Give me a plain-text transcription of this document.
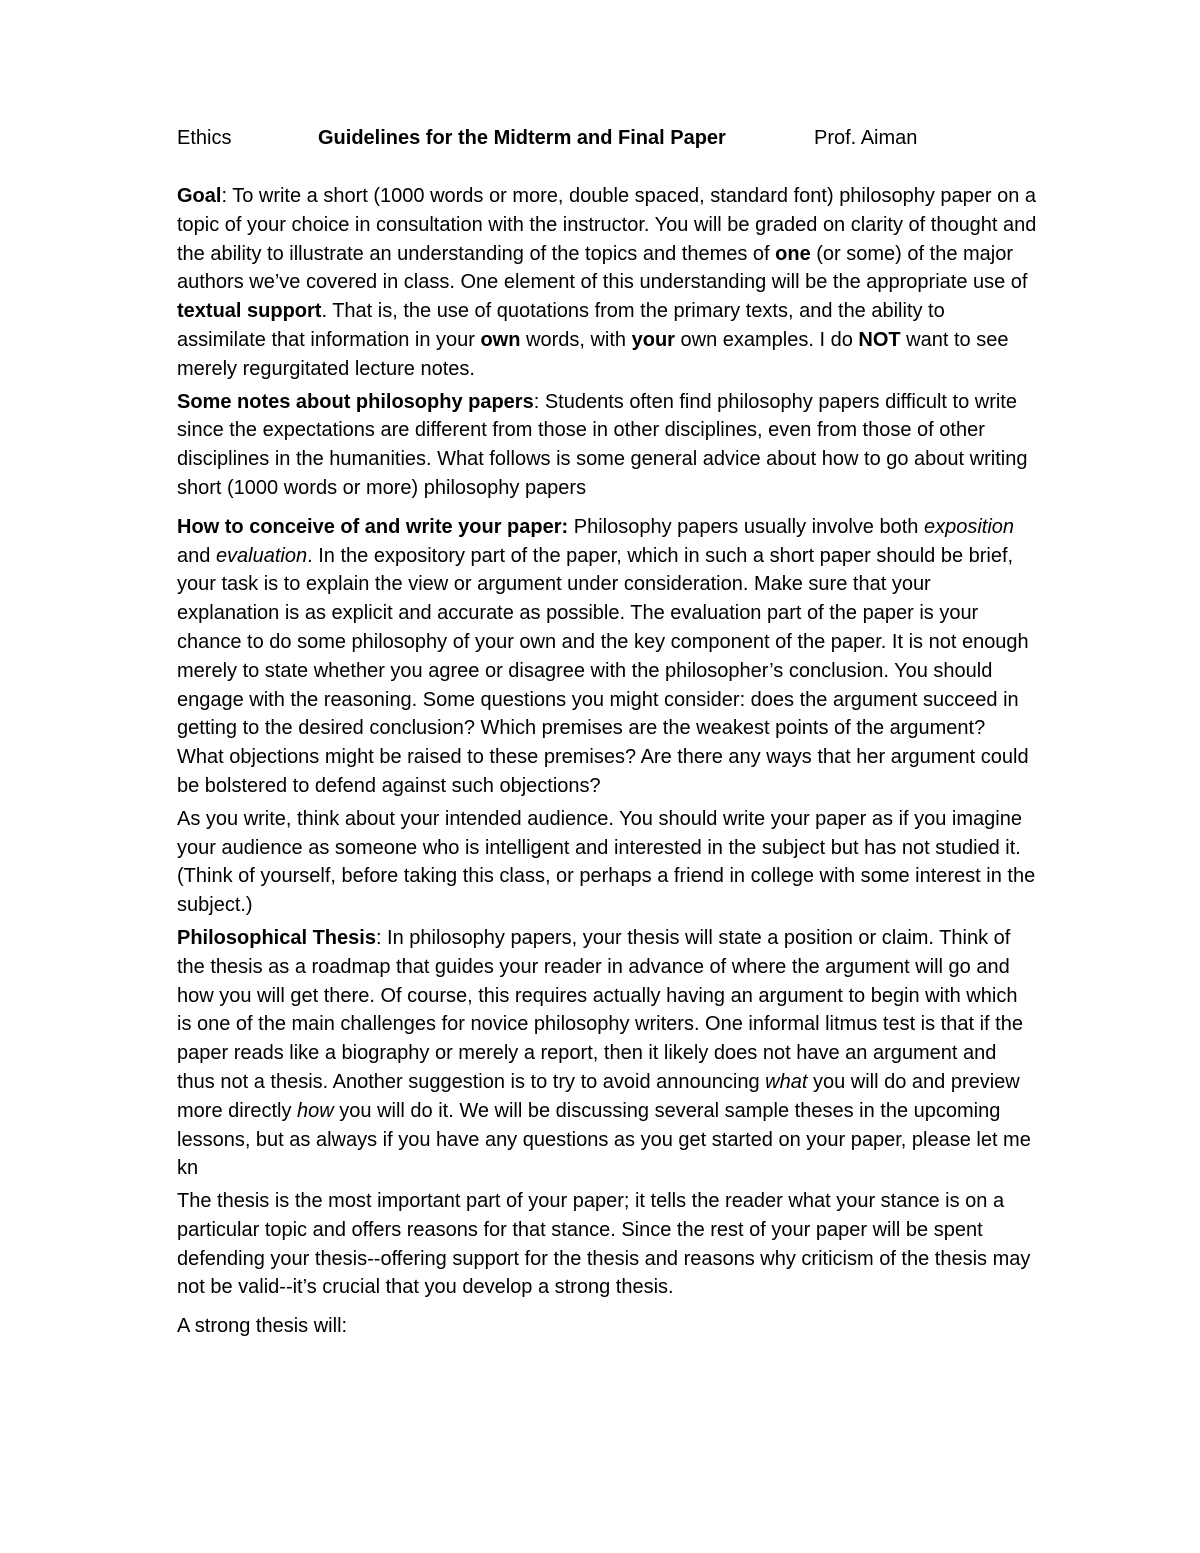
Ethics	Guidelines for the Midterm and Final Paper	Prof. Aiman

Goal: To write a short (1000 words or more, double spaced, standard font) philosophy paper on a topic of your choice in consultation with the instructor. You will be graded on clarity of thought and the ability to illustrate an understanding of the topics and themes of one (or some) of the major authors we’ve covered in class. One element of this understanding will be the appropriate use of textual support. That is, the use of quotations from the primary texts, and the ability to assimilate that information in your own words, with your own examples. I do NOT want to see merely regurgitated lecture notes.

Some notes about philosophy papers: Students often find philosophy papers difficult to write since the expectations are different from those in other disciplines, even from those of other disciplines in the humanities. What follows is some general advice about how to go about writing short (1000 words or more) philosophy papers

How to conceive of and write your paper: Philosophy papers usually involve both exposition and evaluation. In the expository part of the paper, which in such a short paper should be brief, your task is to explain the view or argument under consideration. Make sure that your explanation is as explicit and accurate as possible. The evaluation part of the paper is your chance to do some philosophy of your own and the key component of the paper. It is not enough merely to state whether you agree or disagree with the philosopher’s conclusion. You should engage with the reasoning. Some questions you might consider: does the argument succeed in getting to the desired conclusion? Which premises are the weakest points of the argument? What objections might be raised to these premises? Are there any ways that her argument could be bolstered to defend against such objections?

As you write, think about your intended audience. You should write your paper as if you imagine your audience as someone who is intelligent and interested in the subject but has not studied it. (Think of yourself, before taking this class, or perhaps a friend in college with some interest in the subject.)

Philosophical Thesis: In philosophy papers, your thesis will state a position or claim. Think of the thesis as a roadmap that guides your reader in advance of where the argument will go and how you will get there. Of course, this requires actually having an argument to begin with which is one of the main challenges for novice philosophy writers. One informal litmus test is that if the paper reads like a biography or merely a report, then it likely does not have an argument and thus not a thesis. Another suggestion is to try to avoid announcing what you will do and preview more directly how you will do it. We will be discussing several sample theses in the upcoming lessons, but as always if you have any questions as you get started on your paper, please let me kn

The thesis is the most important part of your paper; it tells the reader what your stance is on a particular topic and offers reasons for that stance. Since the rest of your paper will be spent defending your thesis--offering support for the thesis and reasons why criticism of the thesis may not be valid--it’s crucial that you develop a strong thesis.

A strong thesis will:
